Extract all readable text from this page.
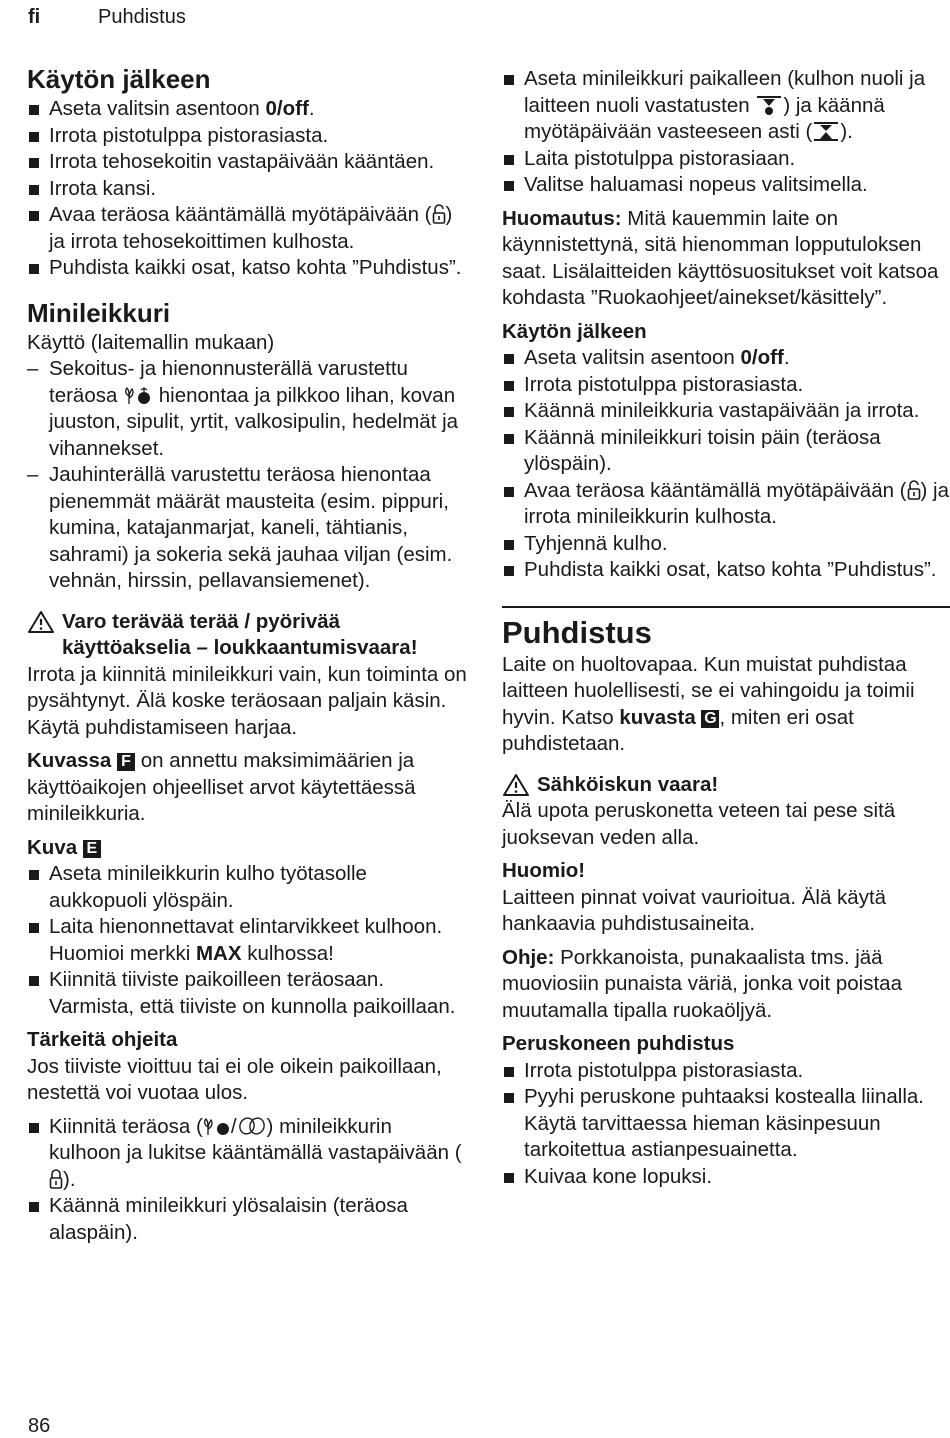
fi	Puhdistus
Käytön jälkeen
Aseta valitsin asentoon 0/off.
Irrota pistotulppa pistorasiasta.
Irrota tehosekoitin vastapäivään kääntäen.
Irrota kansi.
Avaa teräosa kääntämällä myötäpäivään ( ) ja irrota tehosekoittimen kulhosta.
Puhdista kaikki osat, katso kohta ”Puhdistus”.
Minileikkuri

Käyttö (laitemallin mukaan)

– Sekoitus- ja hienonnusterällä varustettu teräosa  hienontaa ja pilkkoo lihan, kovan juuston, sipulit, yrtit, valkosipulin, hedelmät ja vihannekset.
– Jauhinterällä varustettu teräosa hienontaa pienemmät määrät mausteita (esim. pippuri, kumina, katajanmarjat, kaneli, tähtianis, sahrami) ja sokeria sekä jauhaa viljan (esim. vehnän, hirssin, pellavansiemenet).
Varo terävää terää / pyörivää käyttöakselia – loukkaantumisvaara!

Irrota ja kiinnitä minileikkuri vain, kun toiminta on pysähtynyt. Älä koske teräosaan paljain käsin. Käytä puhdistamiseen harjaa.

Kuvassa F on annettu maksimimäärien ja käyttöaikojen ohjeelliset arvot käytettäessä minileikkuria.

Kuva E
Aseta minileikkurin kulho työtasolle aukkopuoli ylöspäin.
Laita hienonnettavat elintarvikkeet kulhoon. Huomioi merkki MAX kulhossa!
Kiinnitä tiiviste paikoilleen teräosaan. Varmista, että tiiviste on kunnolla paikoillaan.
Tärkeitä ohjeita

Jos tiiviste vioittuu tai ei ole oikein paikoillaan, nestettä voi vuotaa ulos.

Kiinnitä teräosa ( / ) minileikkurin kulhoon ja lukitse kääntämällä vastapäivään ().
Käännä minileikkuri ylösalaisin (teräosa alaspäin).
Aseta minileikkuri paikalleen (kulhon nuoli ja laitteen nuoli vastatusten ) ja käännä myötäpäivään vasteeseen asti ( ).
Laita pistotulppa pistorasiaan.
Valitse haluamasi nopeus valitsimella.

Huomautus: Mitä kauemmin laite on käynnistettynä, sitä hienomman lopputuloksen saat. Lisälaitteiden käyttösuositukset voit katsoa kohdasta ”Ruokaohjeet/ainekset/käsittely”.

Käytön jälkeen
Aseta valitsin asentoon 0/off.
Irrota pistotulppa pistorasiasta.
Käännä minileikkuria vastapäivään ja irrota.
Käännä minileikkuri toisin päin (teräosa ylöspäin).
Avaa teräosa kääntämällä myötäpäivään ( ) ja irrota minileikkurin kulhosta.
Tyhjennä kulho.
Puhdista kaikki osat, katso kohta ”Puhdistus”.
Puhdistus

Laite on huoltovapaa. Kun muistat puhdistaa laitteen huolellisesti, se ei vahingoidu ja toimii hyvin. Katso kuvasta G , miten eri osat puhdistetaan.

Sähköiskun vaara!

Älä upota peruskonetta veteen tai pese sitä juoksevan veden alla.

Huomio!

Laitteen pinnat voivat vaurioitua. Älä käytä hankaavia puhdistusaineita.

Ohje: Porkkanoista, punakaalista tms. jää muoviosiin punaista väriä, jonka voit poistaa muutamalla tipalla ruokaöljyä.

Peruskoneen puhdistus
Irrota pistotulppa pistorasiasta.
Pyyhi peruskone puhtaaksi kostealla liinalla. Käytä tarvittaessa hieman käsinpesuun tarkoitettua astianpesuainetta.
Kuivaa kone lopuksi.
86
